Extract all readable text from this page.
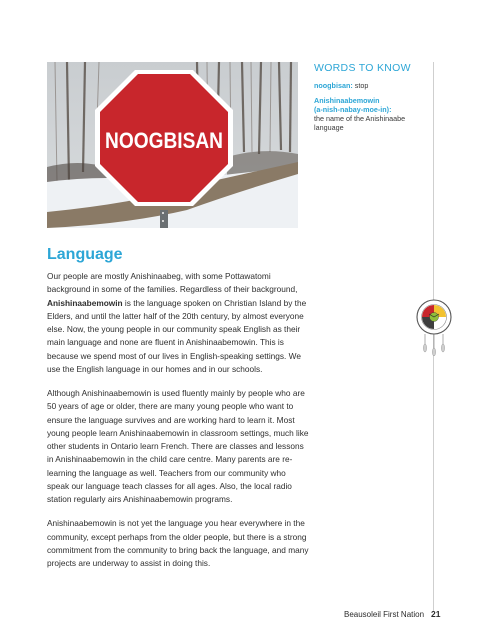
NOOGBISAN
WORDS TO KNOW
noogbisan: stop
Anishinaabemowin
(a-nish-nabay-moe-in):
the name of the Anishinaabe language
Language

Our people are mostly Anishinaabeg, with some Pottawatomi background in some of the families. Regardless of their background, Anishinaabemowin is the language spoken on Christian Island by the Elders, and until the latter half of the 20th century, by almost everyone else. Now, the young people in our community speak English as their main language and none are fluent in Anishinaabemowin. This is because we spend most of our lives in English-speaking settings. We use the English language in our homes and in our schools.

Although Anishinaabemowin is used fluently mainly by people who are 50 years of age or older, there are many young people who want to ensure the language survives and are working hard to learn it. Most young people learn Anishinaabemowin in classroom settings, much like other students in Ontario learn French. There are classes and lessons in Anishinaabemowin in the child care centre. Many parents are re-learning the language as well. Teachers from our community who speak our language teach classes for all ages. Also, the local radio station regularly airs Anishinaabemowin programs.

Anishinaabemowin is not yet the language you hear everywhere in the community, except perhaps from the older people, but there is a strong commitment from the community to bring back the language, and many projects are underway to assist in doing this.

Beausoleil First Nation 21
